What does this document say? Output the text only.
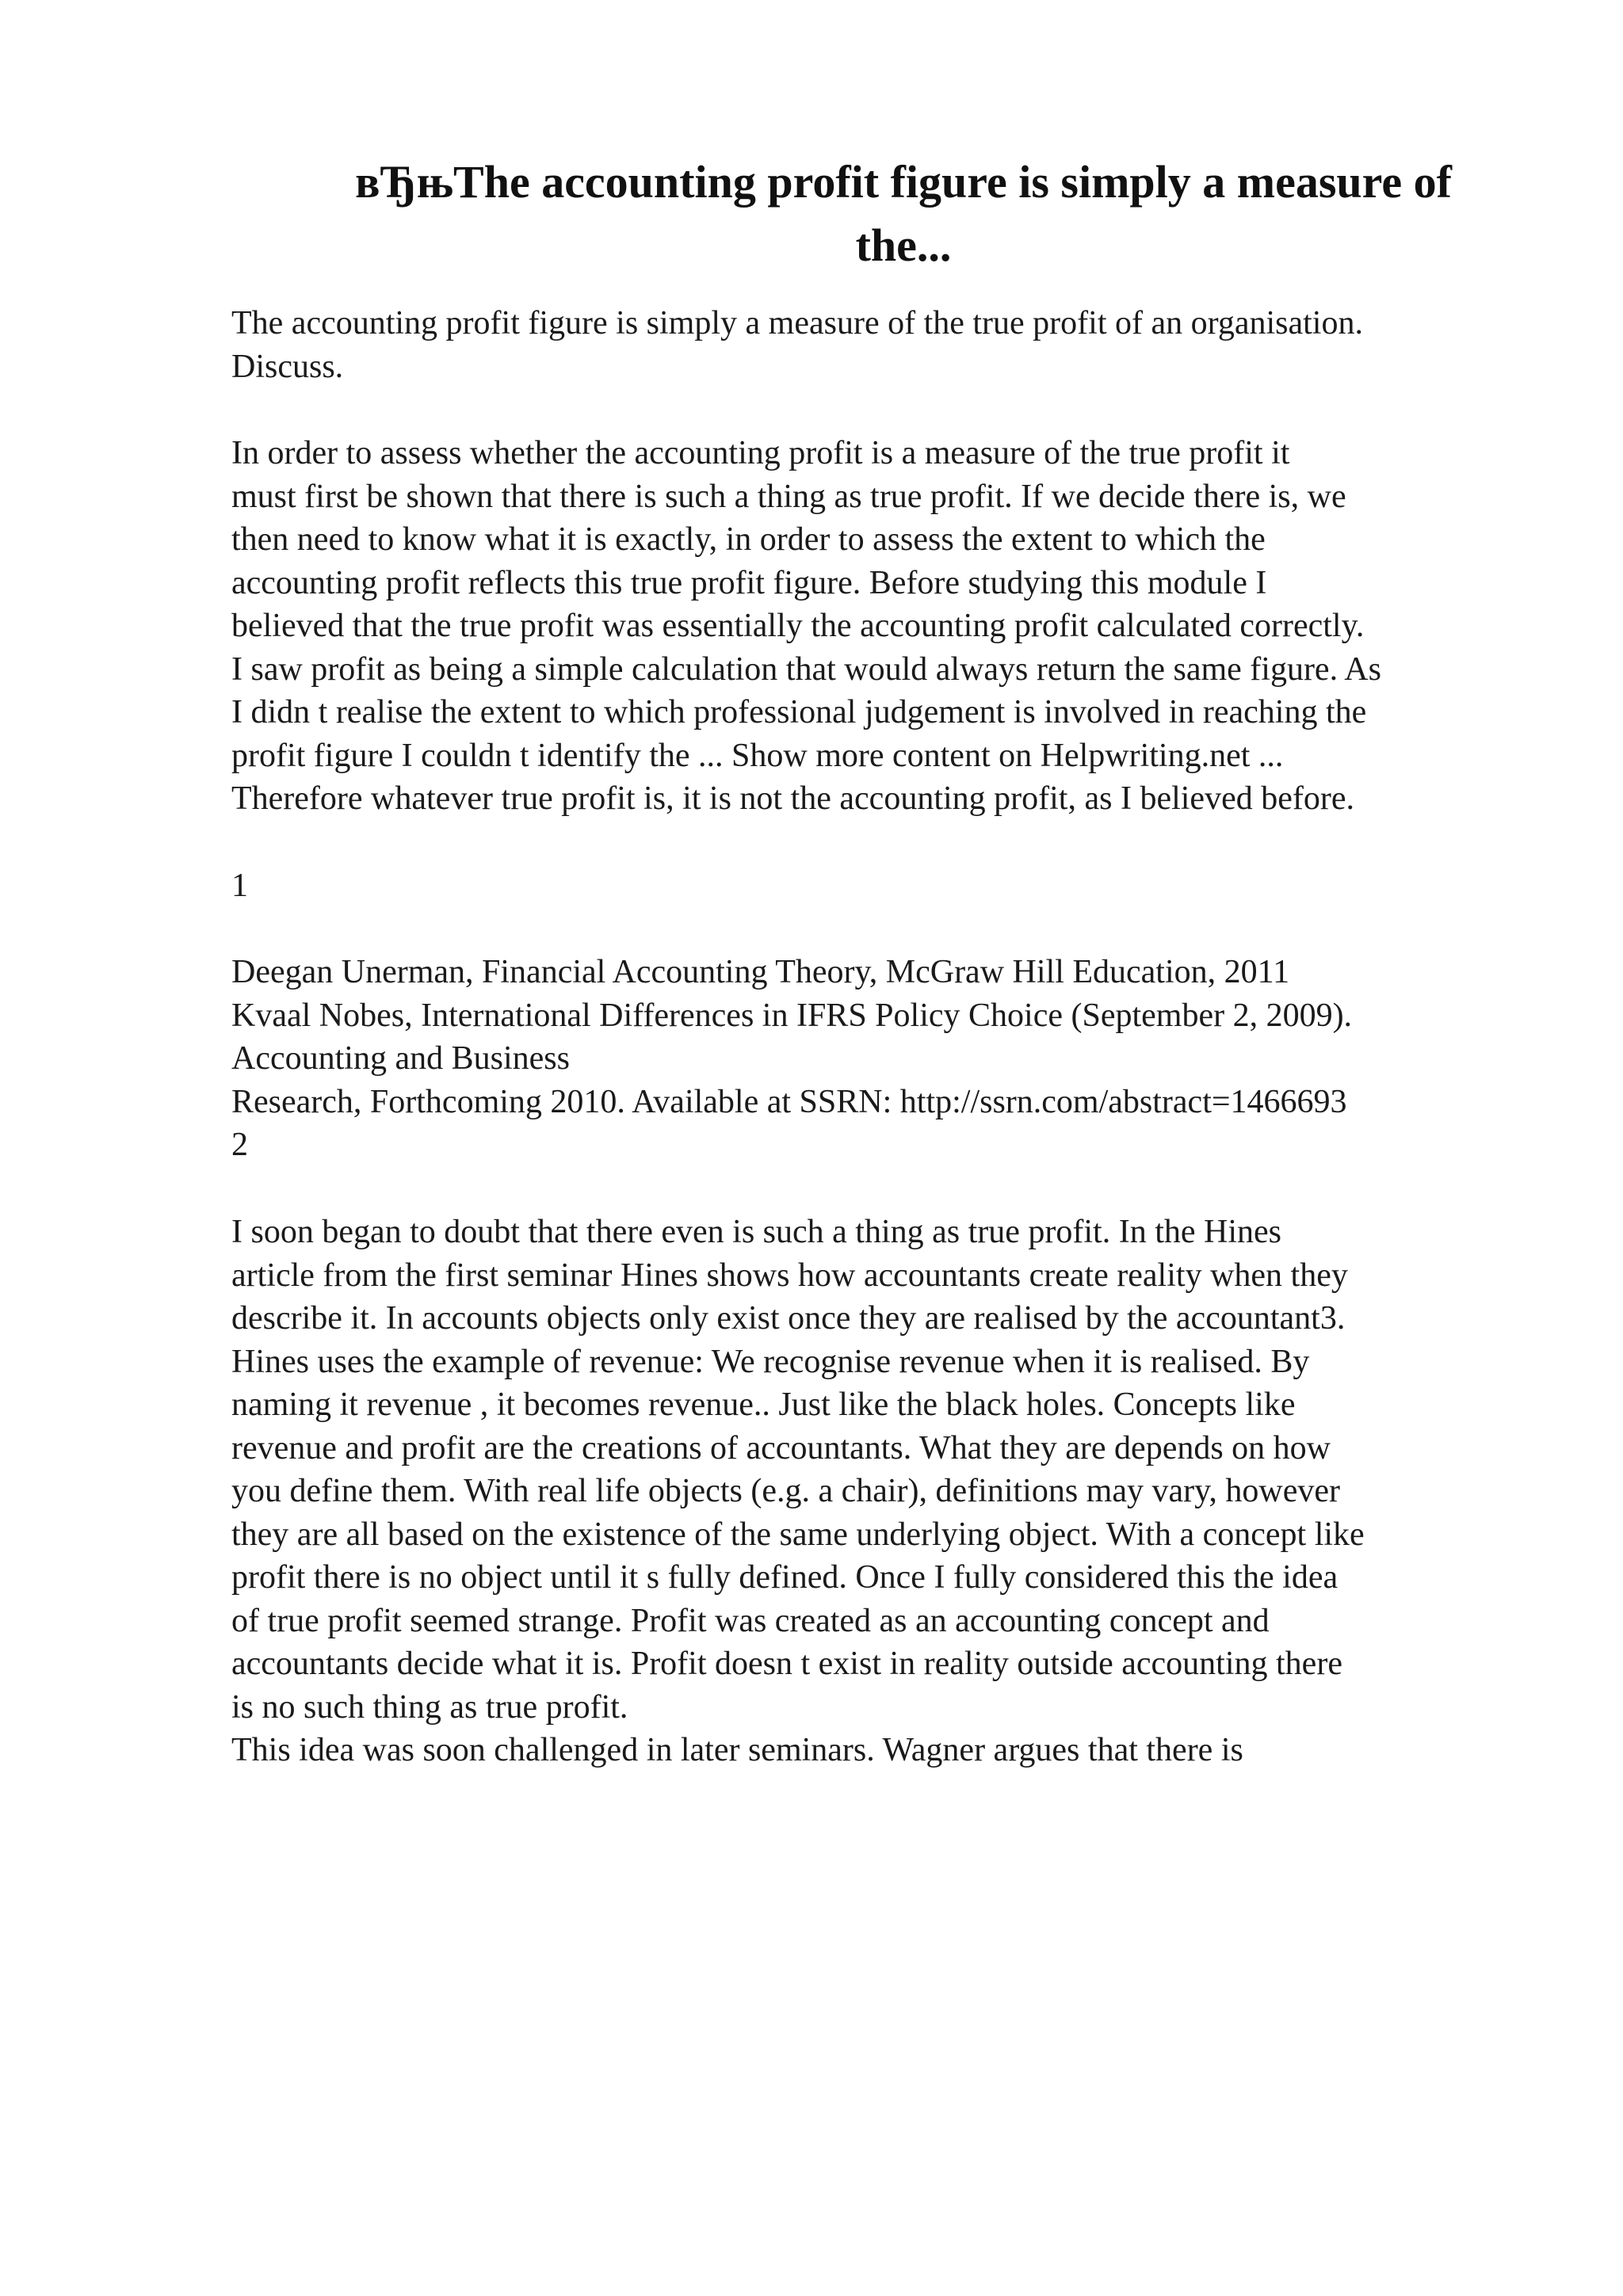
вЂњThe accounting profit figure is simply a measure of
the...
The accounting profit figure is simply a measure of the true profit of an organisation.
Discuss.
In order to assess whether the accounting profit is a measure of the true profit it
must first be shown that there is such a thing as true profit. If we decide there is, we
then need to know what it is exactly, in order to assess the extent to which the
accounting profit reflects this true profit figure. Before studying this module I
believed that the true profit was essentially the accounting profit calculated correctly.
I saw profit as being a simple calculation that would always return the same figure. As
I didn t realise the extent to which professional judgement is involved in reaching the
profit figure I couldn t identify the ... Show more content on Helpwriting.net ...
Therefore whatever true profit is, it is not the accounting profit, as I believed before.
1
Deegan Unerman, Financial Accounting Theory, McGraw Hill Education, 2011
Kvaal Nobes, International Differences in IFRS Policy Choice (September 2, 2009).
Accounting and Business
Research, Forthcoming 2010. Available at SSRN: http://ssrn.com/abstract=1466693
2
I soon began to doubt that there even is such a thing as true profit. In the Hines
article from the first seminar Hines shows how accountants create reality when they
describe it. In accounts objects only exist once they are realised by the accountant3.
Hines uses the example of revenue: We recognise revenue when it is realised. By
naming it revenue , it becomes revenue.. Just like the black holes. Concepts like
revenue and profit are the creations of accountants. What they are depends on how
you define them. With real life objects (e.g. a chair), definitions may vary, however
they are all based on the existence of the same underlying object. With a concept like
profit there is no object until it s fully defined. Once I fully considered this the idea
of true profit seemed strange. Profit was created as an accounting concept and
accountants decide what it is. Profit doesn t exist in reality outside accounting there
is no such thing as true profit.
This idea was soon challenged in later seminars. Wagner argues that there is
